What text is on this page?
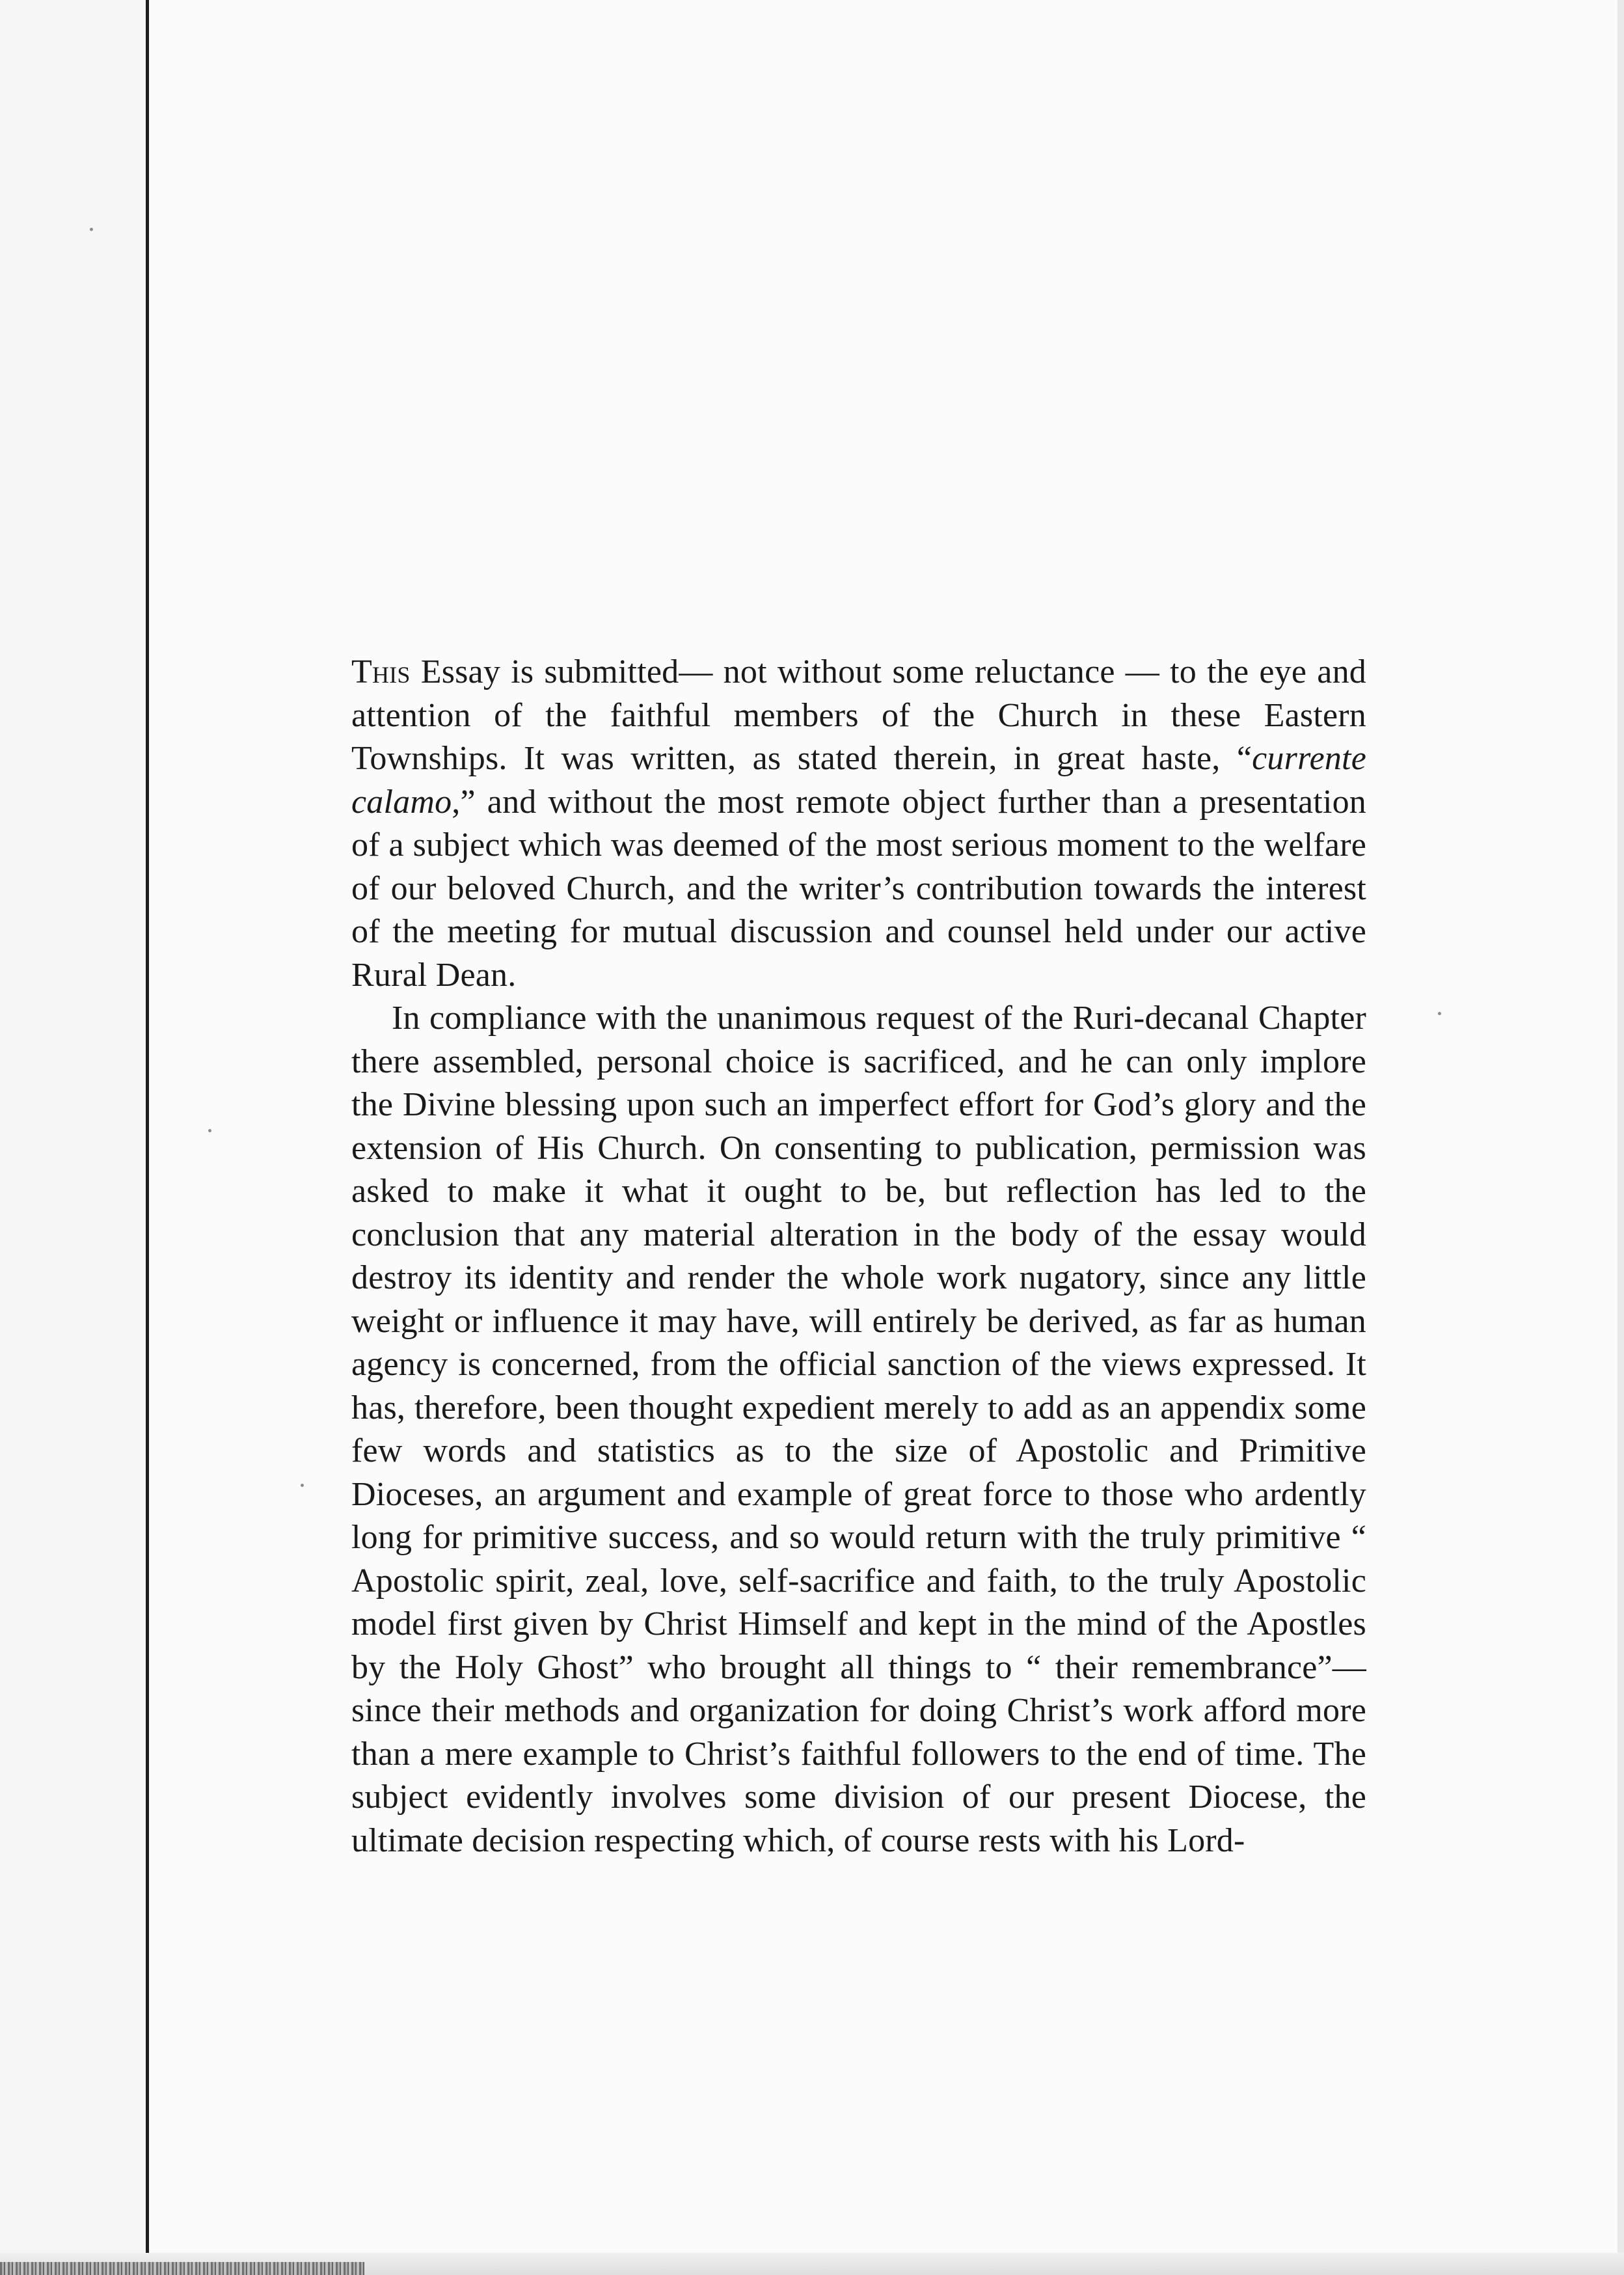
This Essay is submitted— not without some reluctance — to the eye and attention of the faithful members of the Church in these Eastern Townships. It was written, as stated therein, in great haste, “currente calamo,” and without the most remote object further than a presentation of a subject which was deemed of the most serious moment to the welfare of our beloved Church, and the writer’s contribution towards the interest of the meeting for mutual discussion and counsel held under our active Rural Dean.

In compliance with the unanimous request of the Ruri-decanal Chapter there assembled, personal choice is sacrificed, and he can only implore the Divine blessing upon such an imperfect effort for God’s glory and the extension of His Church. On consenting to publication, permission was asked to make it what it ought to be, but reflection has led to the conclusion that any material alteration in the body of the essay would destroy its identity and render the whole work nugatory, since any little weight or influence it may have, will entirely be derived, as far as human agency is concerned, from the official sanction of the views expressed. It has, therefore, been thought expedient merely to add as an appendix some few words and statistics as to the size of Apostolic and Primitive Dioceses, an argument and example of great force to those who ardently long for primitive success, and so would return with the truly primitive “ Apostolic spirit, zeal, love, self-sacrifice and faith, to the truly Apostolic model first given by Christ Himself and kept in the mind of the Apostles by the Holy Ghost” who brought all things to “ their remembrance”—since their methods and organization for doing Christ’s work afford more than a mere example to Christ’s faithful followers to the end of time. The subject evidently involves some division of our present Diocese, the ultimate decision respecting which, of course rests with his Lord-
